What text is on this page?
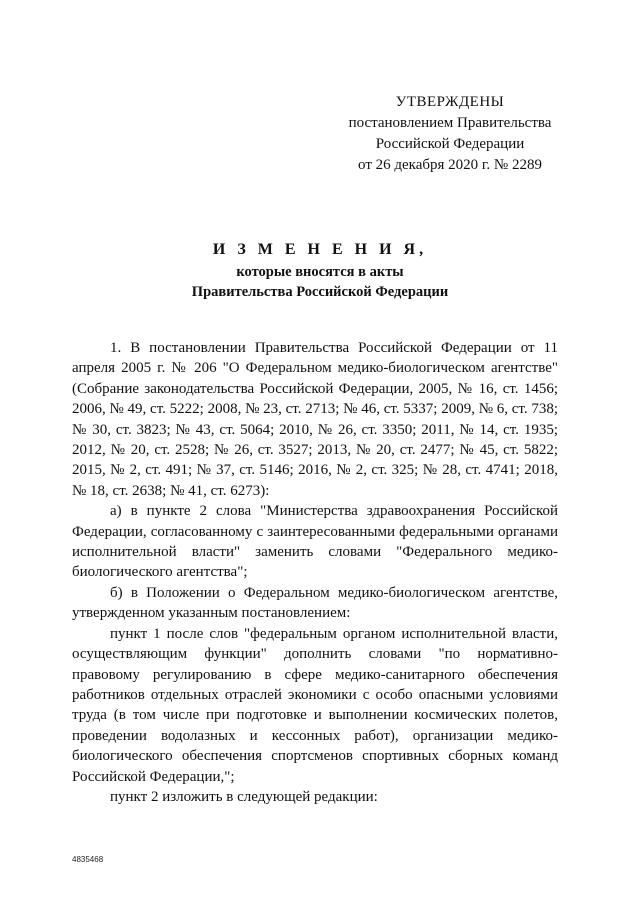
УТВЕРЖДЕНЫ
постановлением Правительства
Российской Федерации
от 26 декабря 2020 г. № 2289
И З М Е Н Е Н И Я,
которые вносятся в акты
Правительства Российской Федерации

1. В постановлении Правительства Российской Федерации от 11 апреля 2005 г. № 206 "О Федеральном медико-биологическом агентстве" (Собрание законодательства Российской Федерации, 2005, № 16, ст. 1456; 2006, № 49, ст. 5222; 2008, № 23, ст. 2713; № 46, ст. 5337; 2009, № 6, ст. 738; № 30, ст. 3823; № 43, ст. 5064; 2010, № 26, ст. 3350; 2011, № 14, ст. 1935; 2012, № 20, ст. 2528; № 26, ст. 3527; 2013, № 20, ст. 2477; № 45, ст. 5822; 2015, № 2, ст. 491; № 37, ст. 5146; 2016, № 2, ст. 325; № 28, ст. 4741; 2018, № 18, ст. 2638; № 41, ст. 6273):

а) в пункте 2 слова "Министерства здравоохранения Российской Федерации, согласованному с заинтересованными федеральными органами исполнительной власти" заменить словами "Федерального медико-биологического агентства";

б) в Положении о Федеральном медико-биологическом агентстве, утвержденном указанным постановлением:

пункт 1 после слов "федеральным органом исполнительной власти, осуществляющим функции" дополнить словами "по нормативно-правовому регулированию в сфере медико-санитарного обеспечения работников отдельных отраслей экономики с особо опасными условиями труда (в том числе при подготовке и выполнении космических полетов, проведении водолазных и кессонных работ), организации медико-биологического обеспечения спортсменов спортивных сборных команд Российской Федерации,";

пункт 2 изложить в следующей редакции:

4835468
